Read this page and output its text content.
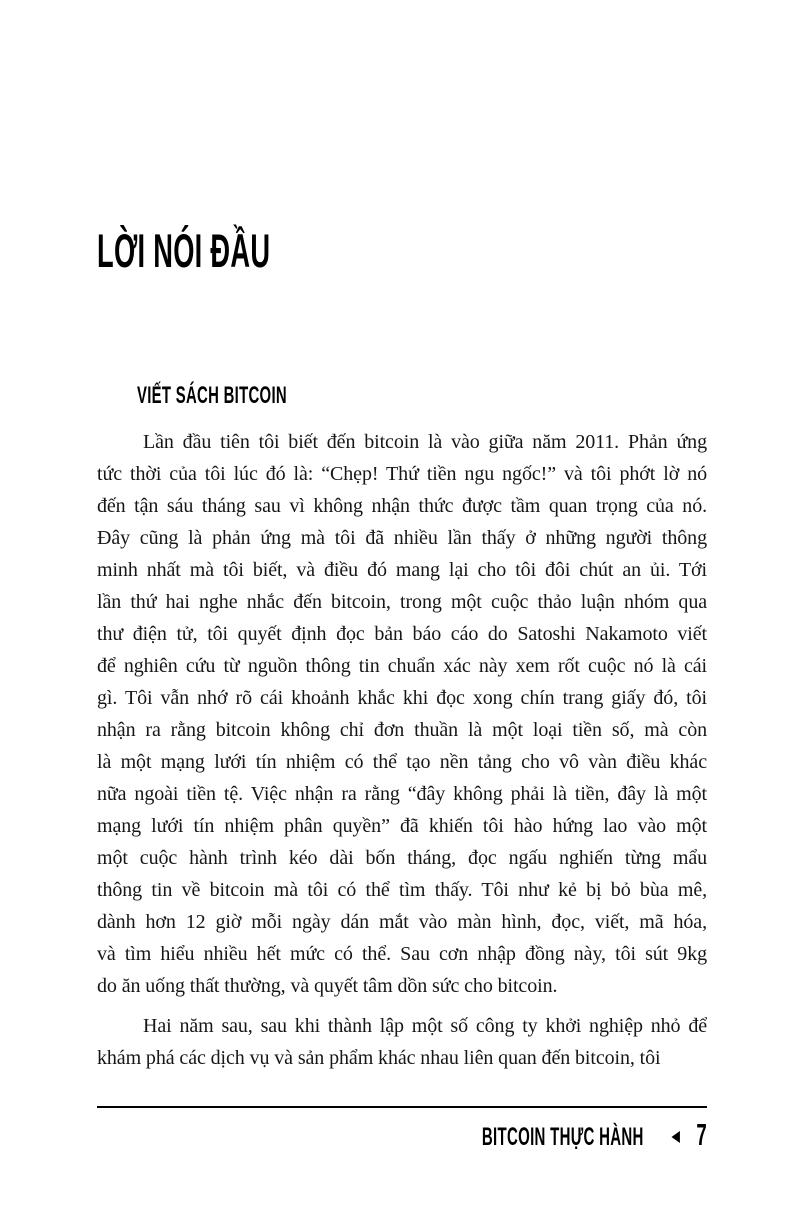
LỜI NÓI ĐẦU
VIẾT SÁCH BITCOIN
Lần đầu tiên tôi biết đến bitcoin là vào giữa năm 2011. Phản ứng
tức thời của tôi lúc đó là: “Chẹp! Thứ tiền ngu ngốc!” và tôi phớt lờ nó
đến tận sáu tháng sau vì không nhận thức được tầm quan trọng của nó.
Đây cũng là phản ứng mà tôi đã nhiều lần thấy ở những người thông
minh nhất mà tôi biết, và điều đó mang lại cho tôi đôi chút an ủi. Tới
lần thứ hai nghe nhắc đến bitcoin, trong một cuộc thảo luận nhóm qua
thư điện tử, tôi quyết định đọc bản báo cáo do Satoshi Nakamoto viết
để nghiên cứu từ nguồn thông tin chuẩn xác này xem rốt cuộc nó là cái
gì. Tôi vẫn nhớ rõ cái khoảnh khắc khi đọc xong chín trang giấy đó, tôi
nhận ra rằng bitcoin không chỉ đơn thuần là một loại tiền số, mà còn
là một mạng lưới tín nhiệm có thể tạo nền tảng cho vô vàn điều khác
nữa ngoài tiền tệ. Việc nhận ra rằng “đây không phải là tiền, đây là một
mạng lưới tín nhiệm phân quyền” đã khiến tôi hào hứng lao vào một
một cuộc hành trình kéo dài bốn tháng, đọc ngấu nghiến từng mẩu
thông tin về bitcoin mà tôi có thể tìm thấy. Tôi như kẻ bị bỏ bùa mê,
dành hơn 12 giờ mỗi ngày dán mắt vào màn hình, đọc, viết, mã hóa,
và tìm hiểu nhiều hết mức có thể. Sau cơn nhập đồng này, tôi sút 9kg
do ăn uống thất thường, và quyết tâm dồn sức cho bitcoin.
Hai năm sau, sau khi thành lập một số công ty khởi nghiệp nhỏ để
khám phá các dịch vụ và sản phẩm khác nhau liên quan đến bitcoin, tôi
BITCOIN THỰC HÀNH 7
